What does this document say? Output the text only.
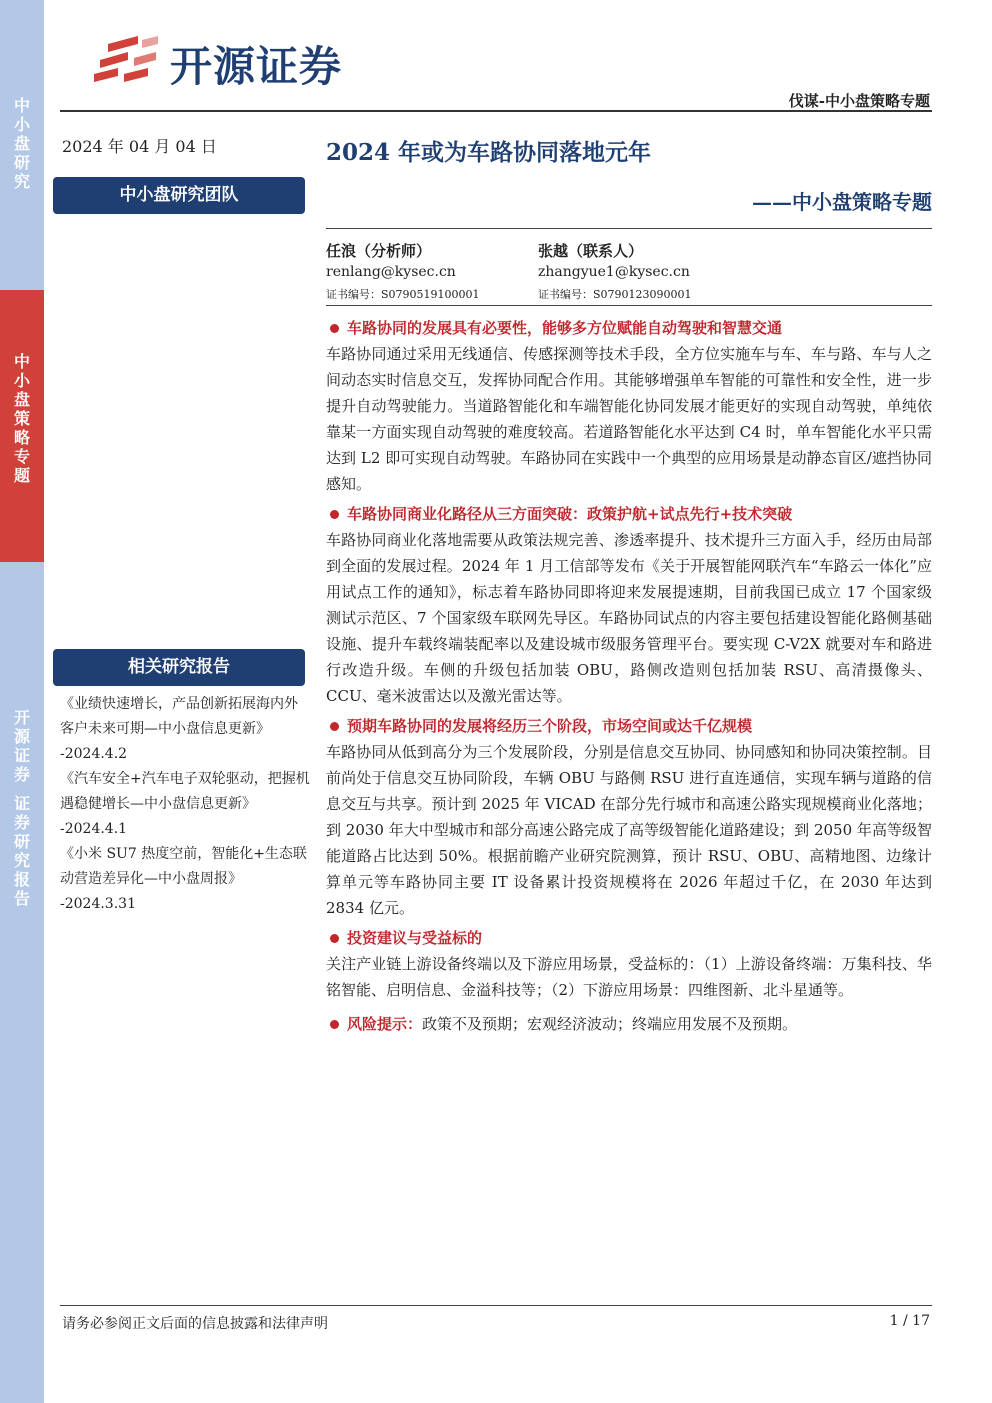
中
小
盘
研
究
中
小
盘
策
略
专
题
开
源
证
券
证
券
研
究
报
告
开源证券
伐谋-中小盘策略专题
2024 年 04 月 04 日
中小盘研究团队
相关研究报告

《业绩快速增长，产品创新拓展海内外客户未来可期—中小盘信息更新》

-2024.4.2

《汽车安全+汽车电子双轮驱动，把握机遇稳健增长—中小盘信息更新》

-2024.4.1

《小米 SU7 热度空前，智能化+生态联动营造差异化—中小盘周报》

-2024.3.31

2024 年或为车路协同落地元年
——中小盘策略专题
任浪（分析师）
renlang@kysec.cn
证书编号：S0790519100001
张越（联系人）
zhangyue1@kysec.cn
证书编号：S0790123090001

车路协同的发展具有必要性，能够多方位赋能自动驾驶和智慧交通

车路协同通过采用无线通信、传感探测等技术手段，全方位实施车与车、车与路、车与人之间动态实时信息交互，发挥协同配合作用。其能够增强单车智能的可靠性和安全性，进一步提升自动驾驶能力。当道路智能化和车端智能化协同发展才能更好的实现自动驾驶，单纯依靠某一方面实现自动驾驶的难度较高。若道路智能化水平达到 C4 时，单车智能化水平只需达到 L2 即可实现自动驾驶。车路协同在实践中一个典型的应用场景是动静态盲区/遮挡协同感知。

车路协同商业化路径从三方面突破：政策护航+试点先行+技术突破

车路协同商业化落地需要从政策法规完善、渗透率提升、技术提升三方面入手，经历由局部到全面的发展过程。2024 年 1 月工信部等发布《关于开展智能网联汽车“车路云一体化”应用试点工作的通知》，标志着车路协同即将迎来发展提速期，目前我国已成立 17 个国家级测试示范区、7 个国家级车联网先导区。车路协同试点的内容主要包括建设智能化路侧基础设施、提升车载终端装配率以及建设城市级服务管理平台。要实现 C-V2X 就要对车和路进行改造升级。车侧的升级包括加装 OBU，路侧改造则包括加装 RSU、高清摄像头、CCU、毫米波雷达以及激光雷达等。

预期车路协同的发展将经历三个阶段，市场空间或达千亿规模

车路协同从低到高分为三个发展阶段，分别是信息交互协同、协同感知和协同决策控制。目前尚处于信息交互协同阶段，车辆 OBU 与路侧 RSU 进行直连通信，实现车辆与道路的信息交互与共享。预计到 2025 年 VICAD 在部分先行城市和高速公路实现规模商业化落地；到 2030 年大中型城市和部分高速公路完成了高等级智能化道路建设；到 2050 年高等级智能道路占比达到 50%。根据前瞻产业研究院测算，预计 RSU、OBU、高精地图、边缘计算单元等车路协同主要 IT 设备累计投资规模将在 2026 年超过千亿，在 2030 年达到 2834 亿元。

投资建议与受益标的

关注产业链上游设备终端以及下游应用场景，受益标的：（1）上游设备终端：万集科技、华铭智能、启明信息、金溢科技等；（2）下游应用场景：四维图新、北斗星通等。

风险提示：政策不及预期；宏观经济波动；终端应用发展不及预期。

请务必参阅正文后面的信息披露和法律声明	1 / 17
